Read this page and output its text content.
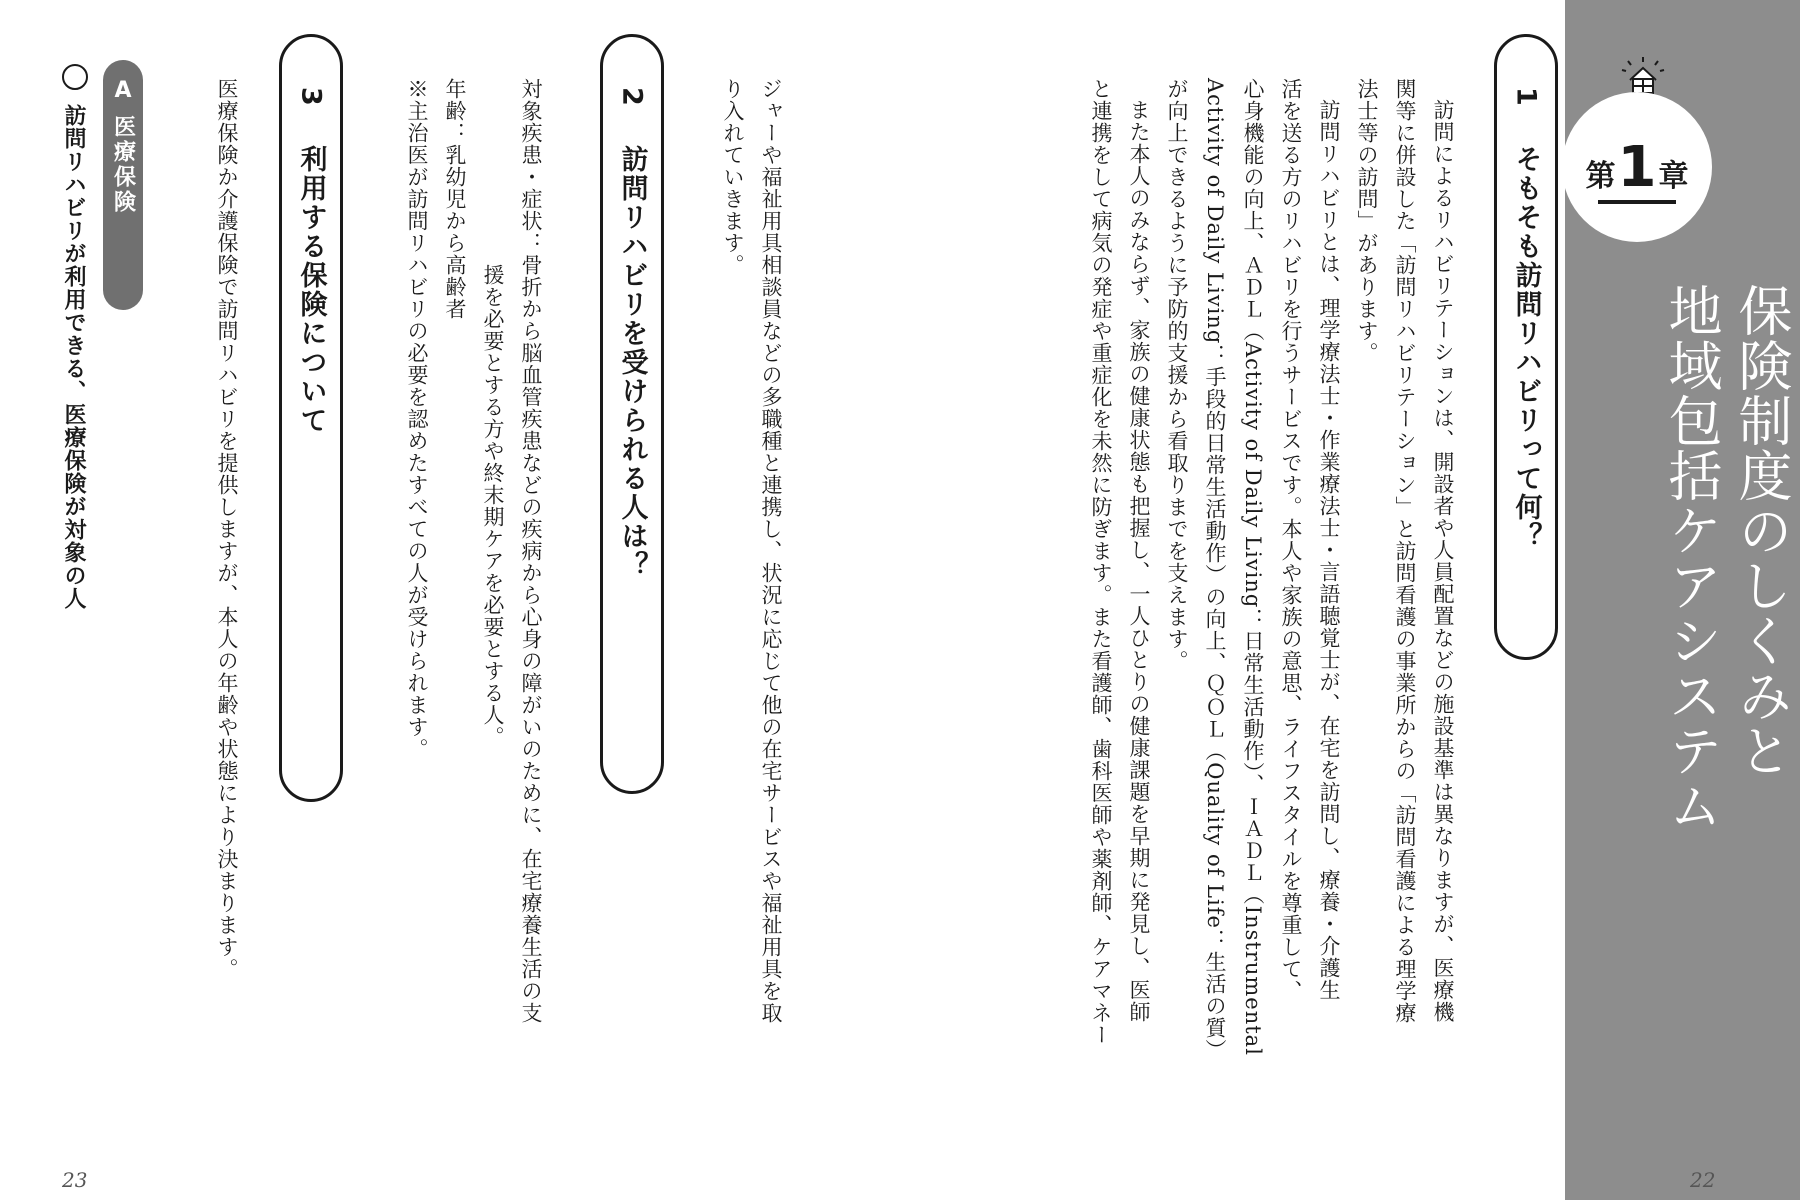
第 1 章
保険制度のしくみと
地域包括ケアシステム
1 そもそも訪問リハビリって何？
訪問によるリハビリテーションは、開設者や人員配置などの施設基準は異なりますが、医療機
関等に併設した「訪問リハビリテーション」と訪問看護の事業所からの「訪問看護による理学療
法士等の訪問」があります。
訪問リハビリとは、理学療法士・作業療法士・言語聴覚士が、在宅を訪問し、療養・介護生
活を送る方のリハビリを行うサービスです。本人や家族の意思、ライフスタイルを尊重して、
心身機能の向上、ＡＤＬ（Activity of Daily Living：日常生活動作）、ＩＡＤＬ（Instrumental
Activity of Daily Living：手段的日常生活動作）の向上、ＱＯＬ（Quality of Life：生活の質）
が向上できるように予防的支援から看取りまでを支えます。
また本人のみならず、家族の健康状態も把握し、一人ひとりの健康課題を早期に発見し、医師
と連携をして病気の発症や重症化を未然に防ぎます。また看護師、歯科医師や薬剤師、ケアマネー
22
ジャーや福祉用具相談員などの多職種と連携し、状況に応じて他の在宅サービスや福祉用具を取
り入れていきます。
2 訪問リハビリを受けられる人は？
対象疾患・症状：骨折から脳血管疾患などの疾病から心身の障がいのために、在宅療養生活の支
援を必要とする方や終末期ケアを必要とする人。
年齢：乳幼児から高齢者
※主治医が訪問リハビリの必要を認めたすべての人が受けられます。
3 利用する保険について
医療保険か介護保険で訪問リハビリを提供しますが、本人の年齢や状態により決まります。
A
医療保険
訪問リハビリが利用できる、医療保険が対象の人
23
